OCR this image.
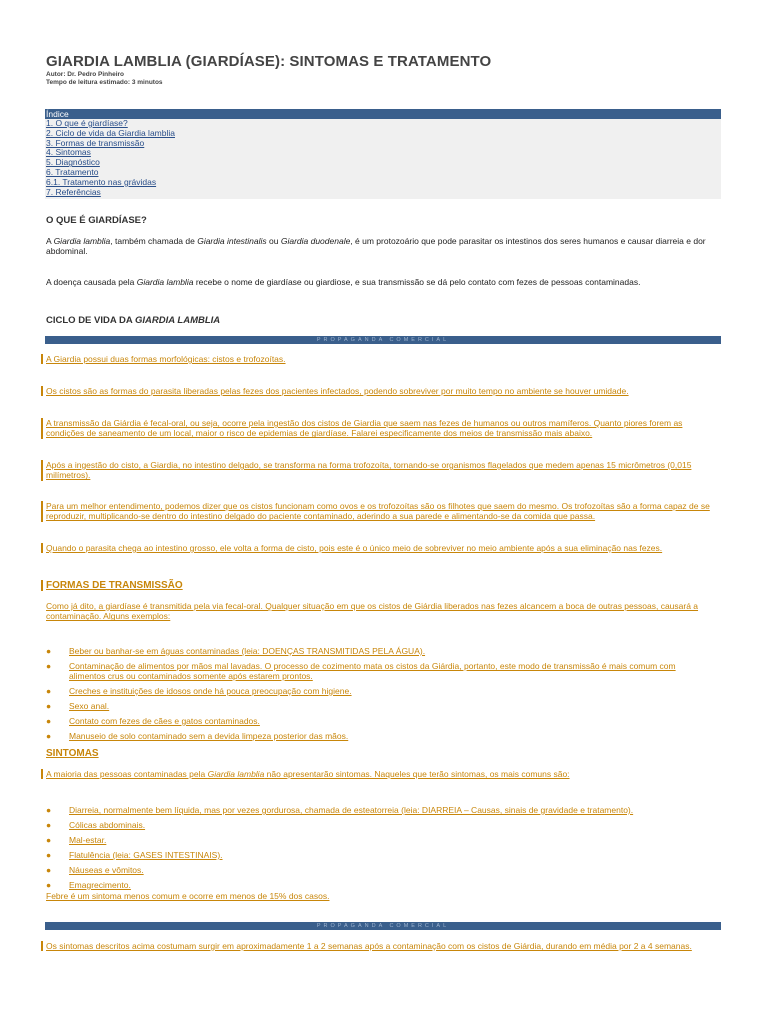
GIARDIA LAMBLIA (GIARDÍASE): SINTOMAS E TRATAMENTO
Autor: Dr. Pedro Pinheiro
Tempo de leitura estimado: 3 minutos
Índice
1. O que é giardíase?
2. Ciclo de vida da Giardia lamblia
3. Formas de transmissão
4. Sintomas
5. Diagnóstico
6. Tratamento
6.1. Tratamento nas grávidas
7. Referências
O QUE É GIARDÍASE?
A Giardia lamblia, também chamada de Giardia intestinalis ou Giardia duodenale, é um protozoário que pode parasitar os intestinos dos seres humanos e causar diarreia e dor abdominal.
A doença causada pela Giardia lamblia recebe o nome de giardíase ou giardiose, e sua transmissão se dá pelo contato com fezes de pessoas contaminadas.
CICLO DE VIDA DA GIARDIA LAMBLIA
PROPAGANDA COMERCIAL
A Giardia possui duas formas morfológicas: cistos e trofozoítas.
Os cistos são as formas do parasita liberadas pelas fezes dos pacientes infectados, podendo sobreviver por muito tempo no ambiente se houver umidade.
A transmissão da Giárdia é fecal-oral, ou seja, ocorre pela ingestão dos cistos de Giardia que saem nas fezes de humanos ou outros mamíferos. Quanto piores forem as condições de saneamento de um local, maior o risco de epidemias de giardíase. Falarei especificamente dos meios de transmissão mais abaixo.
Após a ingestão do cisto, a Giardia, no intestino delgado, se transforma na forma trofozoíta, tornando-se organismos flagelados que medem apenas 15 micrômetros (0,015 milímetros).
Para um melhor entendimento, podemos dizer que os cistos funcionam como ovos e os trofozoítas são os filhotes que saem do mesmo. Os trofozoítas são a forma capaz de se reproduzir, multiplicando-se dentro do intestino delgado do paciente contaminado, aderindo a sua parede e alimentando-se da comida que passa.
Quando o parasita chega ao intestino grosso, ele volta a forma de cisto, pois este é o único meio de sobreviver no meio ambiente após a sua eliminação nas fezes.
FORMAS DE TRANSMISSÃO
Como já dito, a giardíase é transmitida pela via fecal-oral. Qualquer situação em que os cistos de Giárdia liberados nas fezes alcancem a boca de outras pessoas, causará a contaminação. Alguns exemplos:
● Beber ou banhar-se em águas contaminadas (leia: DOENÇAS TRANSMITIDAS PELA ÁGUA).
● Contaminação de alimentos por mãos mal lavadas. O processo de cozimento mata os cistos da Giárdia, portanto, este modo de transmissão é mais comum com
alimentos crus ou contaminados somente após estarem prontos.
● Creches e instituições de idosos onde há pouca preocupação com higiene.
● Sexo anal.
● Contato com fezes de cães e gatos contaminados.
● Manuseio de solo contaminado sem a devida limpeza posterior das mãos.
SINTOMAS
A maioria das pessoas contaminadas pela Giardia lamblia não apresentarão sintomas. Naqueles que terão sintomas, os mais comuns são:
● Diarreia, normalmente bem líquida, mas por vezes gordurosa, chamada de esteatorreia (leia: DIARREIA – Causas, sinais de gravidade e tratamento).
● Cólicas abdominais.
● Mal-estar.
● Flatulência (leia: GASES INTESTINAIS).
● Náuseas e vômitos.
● Emagrecimento.
Febre é um sintoma menos comum e ocorre em menos de 15% dos casos.
PROPAGANDA COMERCIAL
Os sintomas descritos acima costumam surgir em aproximadamente 1 a 2 semanas após a contaminação com os cistos de Giárdia, durando em média por 2 a 4 semanas.
